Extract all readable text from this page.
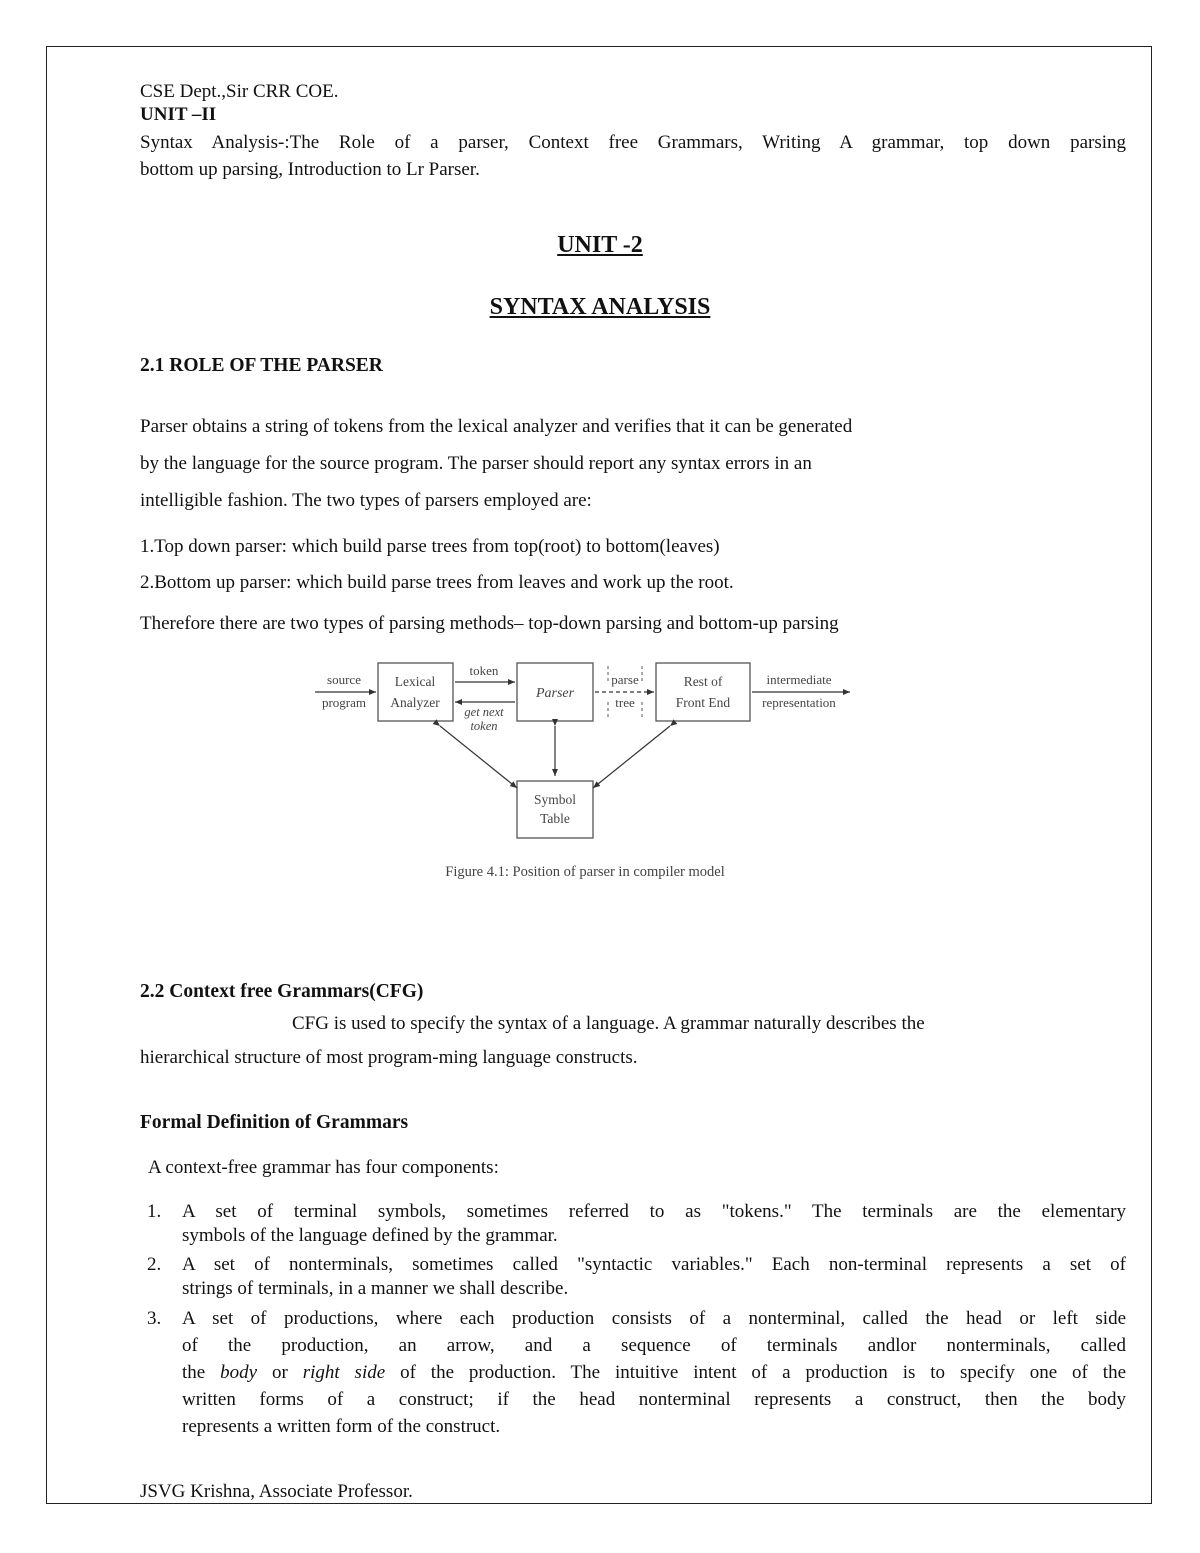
CSE Dept.,Sir CRR COE.
UNIT –II
Syntax Analysis-:The Role of a parser, Context free Grammars, Writing A grammar, top down parsing
bottom up parsing, Introduction to Lr Parser.
UNIT -2
SYNTAX ANALYSIS
2.1 ROLE OF THE PARSER
Parser obtains a string of tokens from the lexical analyzer and verifies that it can be generated
by the language for the source program. The parser should report any syntax errors in an
intelligible fashion. The two types of parsers employed are:
1.Top down parser: which build parse trees from top(root) to bottom(leaves)
2.Bottom up parser: which build parse trees from leaves and work up the root.
Therefore there are two types of parsing methods– top-down parsing and bottom-up parsing
source
program
Lexical
Analyzer
token
get next
token
Parser
parse
tree
Rest of
Front End
intermediate
representation
Symbol
Table
Figure 4.1: Position of parser in compiler model
2.2 Context free Grammars(CFG)
CFG is used to specify the syntax of a language. A grammar naturally describes the
hierarchical structure of most program-ming language constructs.
Formal Definition of Grammars
A context-free grammar has four components:
1. A set of terminal symbols, sometimes referred to as "tokens." The terminals are the elementary

symbols of the language defined by the grammar.

2. A set of nonterminals, sometimes called "syntactic variables." Each non-terminal represents a set of

strings of terminals, in a manner we shall describe.

3. A set of productions, where each production consists of a nonterminal, called the head or left side

of the production, an arrow, and a sequence of terminals andlor nonterminals, called

the body or right side of the production. The intuitive intent of a production is to specify one of the

written forms of a construct; if the head nonterminal represents a construct, then the body

represents a written form of the construct.

JSVG Krishna, Associate Professor.
